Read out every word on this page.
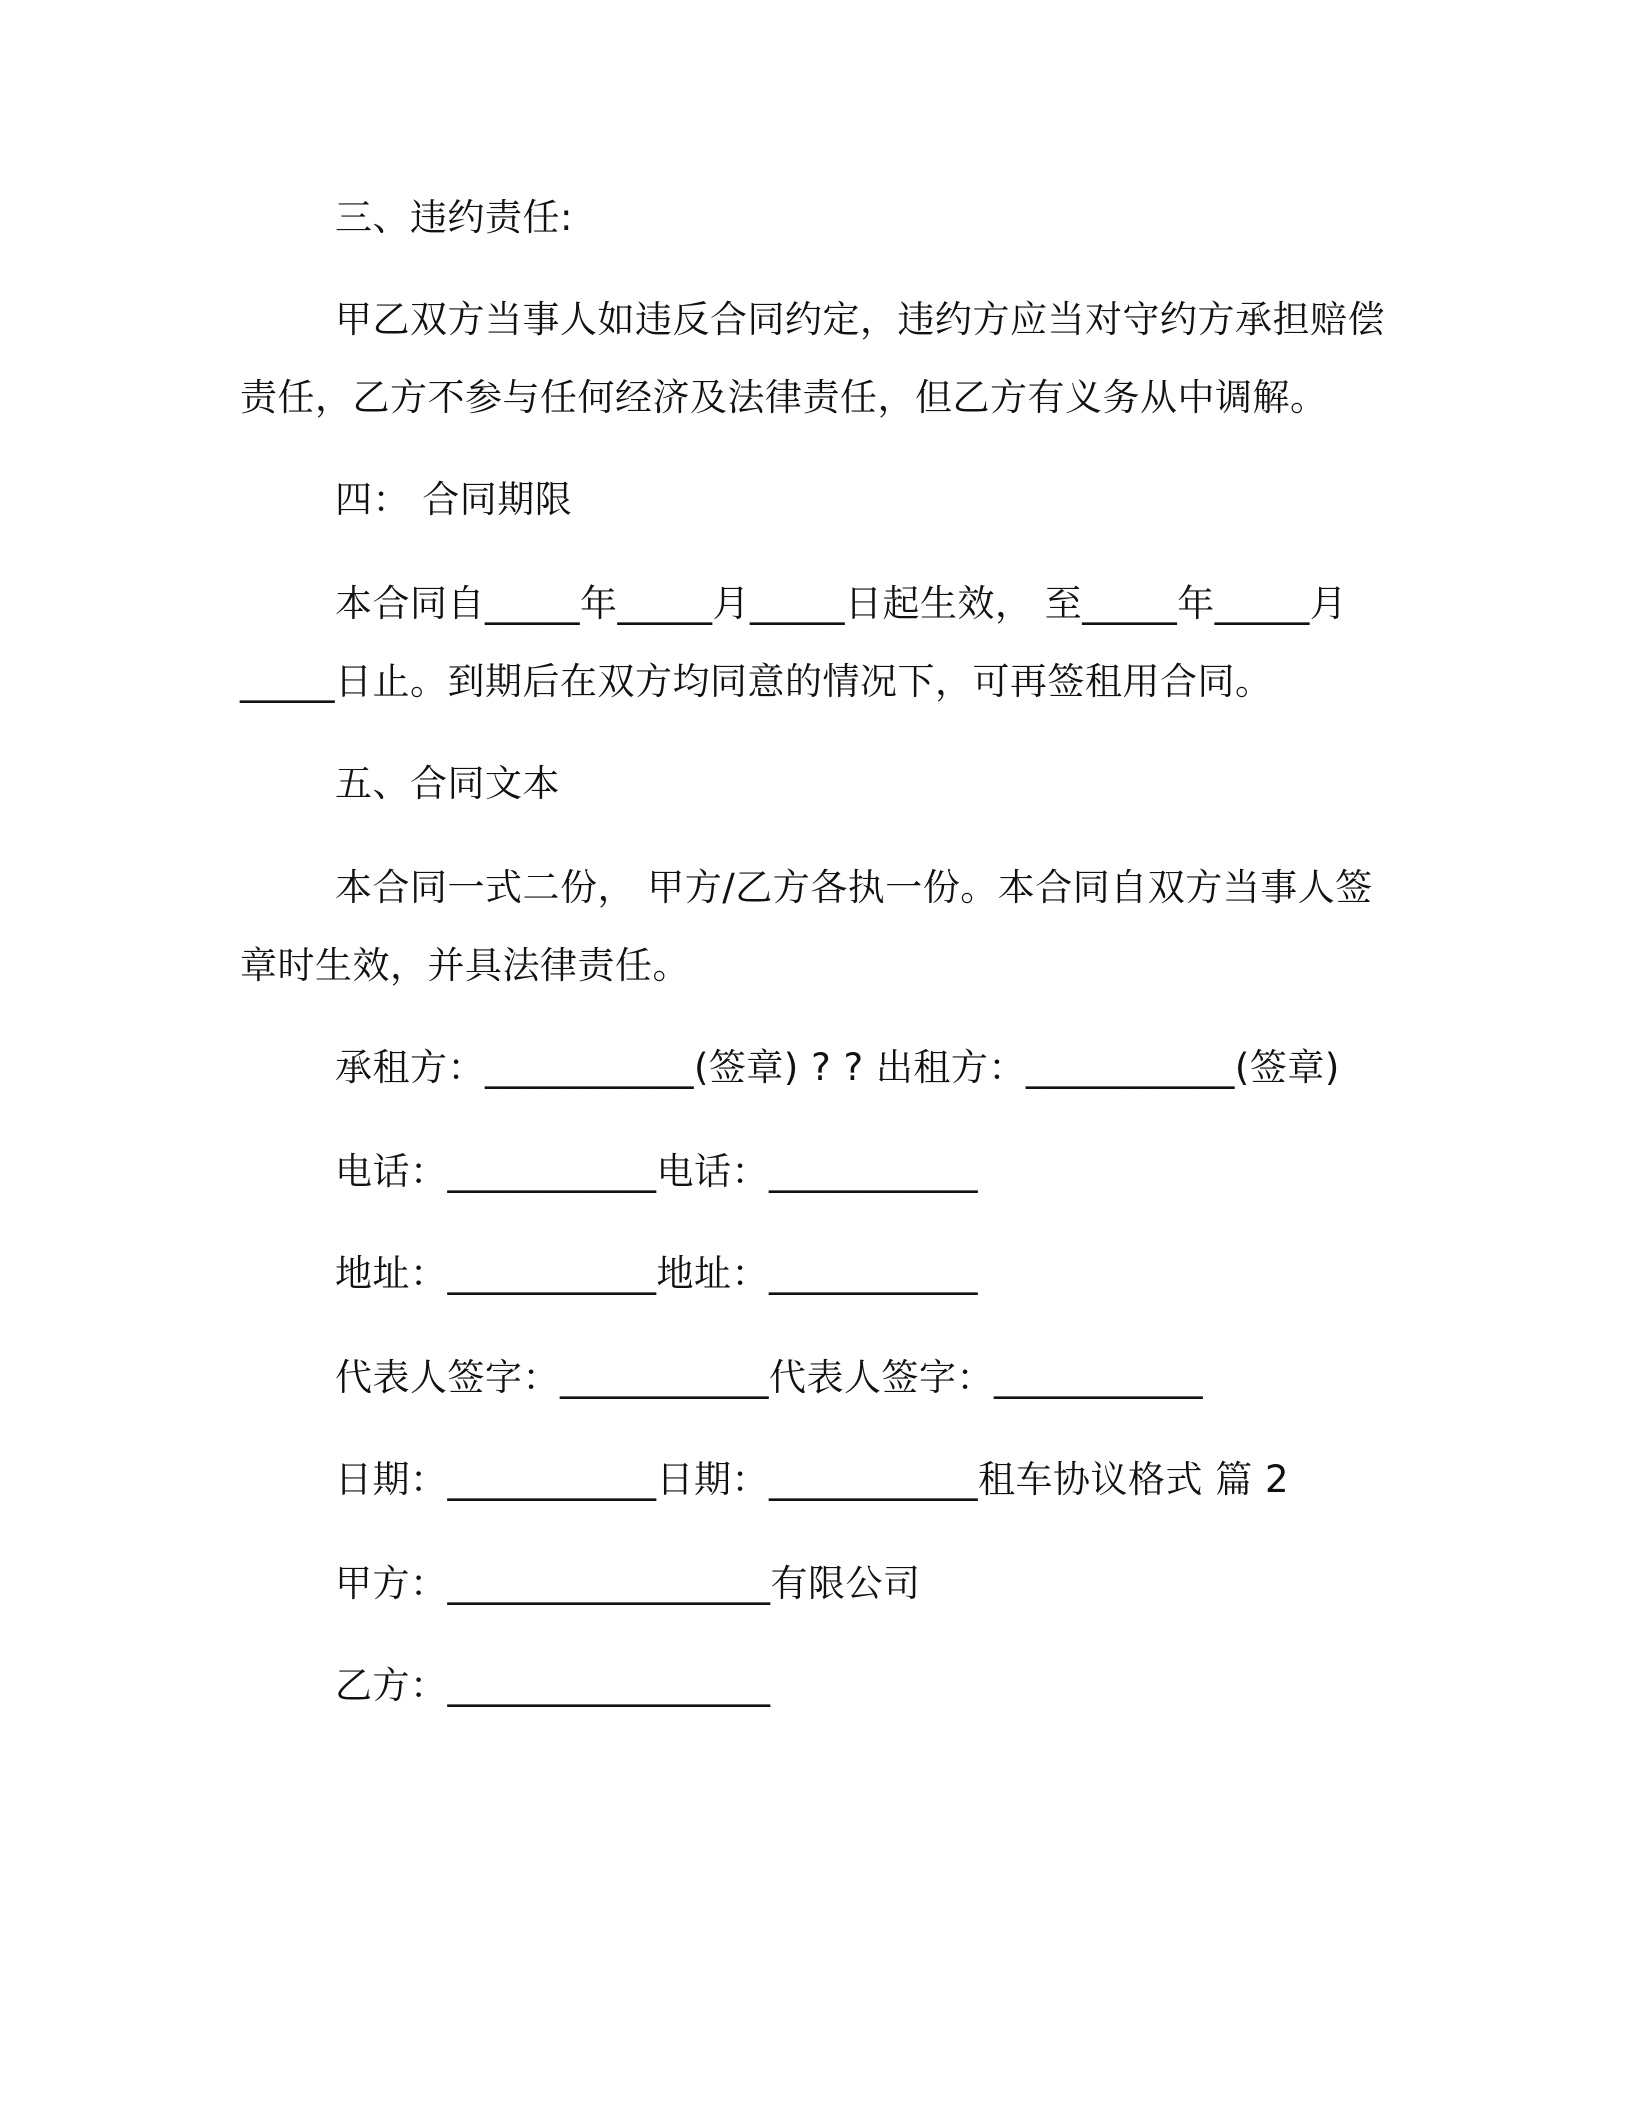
三、违约责任:
甲乙双方当事人如违反合同约定，违约方应当对守约方承担赔偿
责任，乙方不参与任何经济及法律责任，但乙方有义务从中调解。
四： 合同期限
本合同自_____年_____月_____日起生效， 至_____年_____月
_____日止。到期后在双方均同意的情况下，可再签租用合同。
五、合同文本
本合同一式二份， 甲方/乙方各执一份。本合同自双方当事人签
章时生效，并具法律责任。
承租方：___________(签章) ? ? 出租方：___________(签章)
电话：___________电话：___________
地址：___________地址：___________
代表人签字：___________代表人签字：___________
日期：___________日期：___________租车协议格式 篇 2
甲方：_________________有限公司
乙方：_________________
